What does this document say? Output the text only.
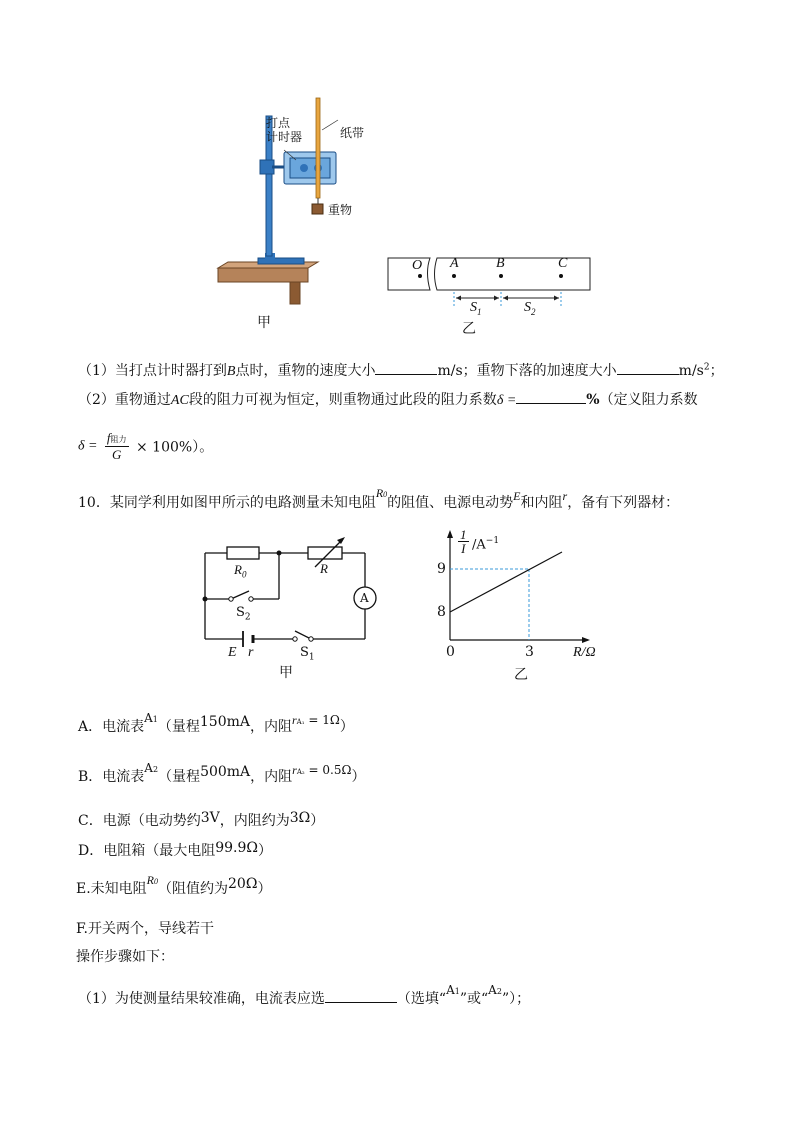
打点
计时器	纸带
重物
甲
O A	B	C
$S_1$	$S_2$
乙
（1）当打点计时器打到B点时，重物的速度大小	m/s；重物下落的加速度大小	$m/s^2$；
（2）重物通过AC段的阻力可视为恒定，则重物通过此段的阻力系数δ =	%（定义阻力系数
δ =
f阻力
G	× 100%）。
10．某同学利用如图甲所示的电路测量未知电阻R0的阻值、电源电动势E和内阻r，备有下列器材：
$R_0$	R
A
$S_2$
E r	$S_1$
甲
1
I $/A^{-1}$
9
8
0	3	R/Ω
乙
A．电流表A1（量程150mA，内阻rA₁ = 1Ω）
B．电流表A2（量程500mA，内阻rA₂ = 0.5Ω）
C．电源（电动势约3V，内阻约为3Ω）
D．电阻箱（最大电阻99.9Ω）
E.未知电阻R0（阻值约为20Ω）
F.开关两个，导线若干
操作步骤如下：
（1）为使测量结果较准确，电流表应选	（选填“A1”或“A2”）；
